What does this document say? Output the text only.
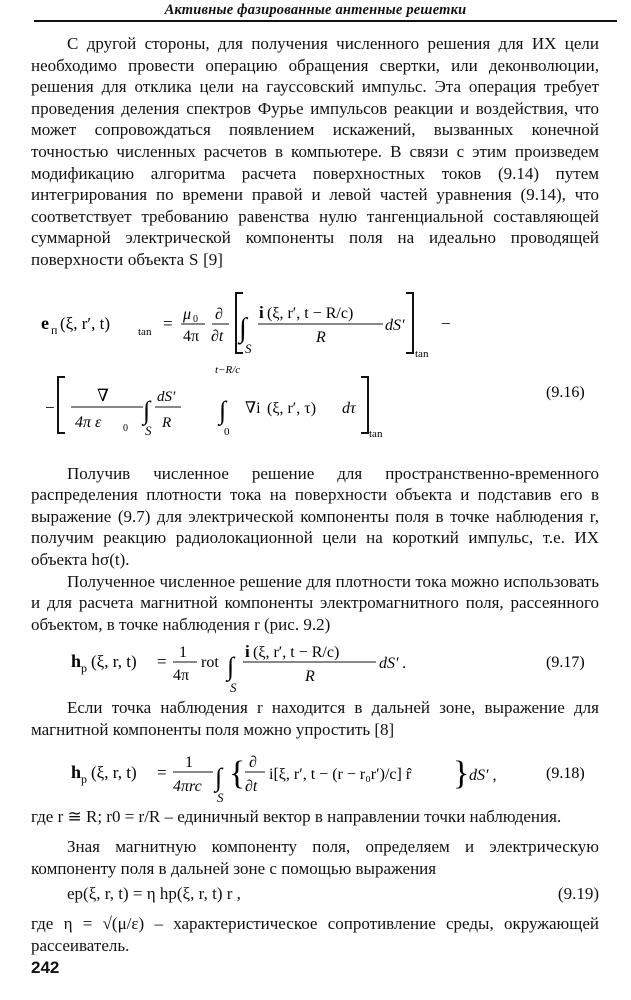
Активные фазированные антенные решетки

С другой стороны, для получения численного решения для ИХ цели необходимо провести операцию обращения свертки, или деконволюции, решения для отклика цели на гауссовский импульс. Эта операция требует проведения деления спектров Фурье импульсов реакции и воздействия, что может сопровождаться появлением искажений, вызванных конечной точностью численных расчетов в компьютере. В связи с этим произведем модификацию алгоритма расчета поверхностных токов (9.14) путем интегрирования по времени правой и левой частей уравнения (9.14), что соответствует требованию равенства нулю тангенциальной составляющей суммарной электрической компоненты поля на идеально проводящей поверхности объекта S [9]

e п (ξ, r′, t)	tan = μ 0
4π
∂
∂t ∫
S
i (ξ, r′, t − R/c)
R
dS′
tan
−
−
∇
4π ε 0
∫
S
dS′
R
t−R/c
∫
0
∇i (ξ, r′, τ) dτ
tan
(9.16)

Получив численное решение для пространственно-временного распределения плотности тока на поверхности объекта и подставив его в выражение (9.7) для электрической компоненты поля в точке наблюдения r, получим реакцию радиолокационной цели на короткий импульс, т.е. ИХ объекта hσ(t).

Полученное численное решение для плотности тока можно использовать и для расчета магнитной компоненты электромагнитного поля, рассеянного объектом, в точке наблюдения r (рис. 9.2)

h р (ξ, r, t) = 1
4π
rot ∫
S
i (ξ, r′, t − R/c)
R
dS′ .	(9.17)

Если точка наблюдения r находится в дальней зоне, выражение для магнитной компоненты поля можно упростить [8]

h р (ξ, r, t) =
1
4πrc ∫
S
{ ∂
∂t
i[ξ, r′, t − (r − r₀r′)/c] r̂ } dS′ ,	(9.18)

где r ≅ R; r0 = r/R – единичный вектор в направлении точки наблюдения.

Зная магнитную компоненту поля, определяем и электрическую компоненту поля в дальней зоне с помощью выражения

eр(ξ, r, t) = η hр(ξ, r, t) r ,	(9.19)

где η = √(μ/ε) – характеристическое сопротивление среды, окружающей рассеиватель.

242
